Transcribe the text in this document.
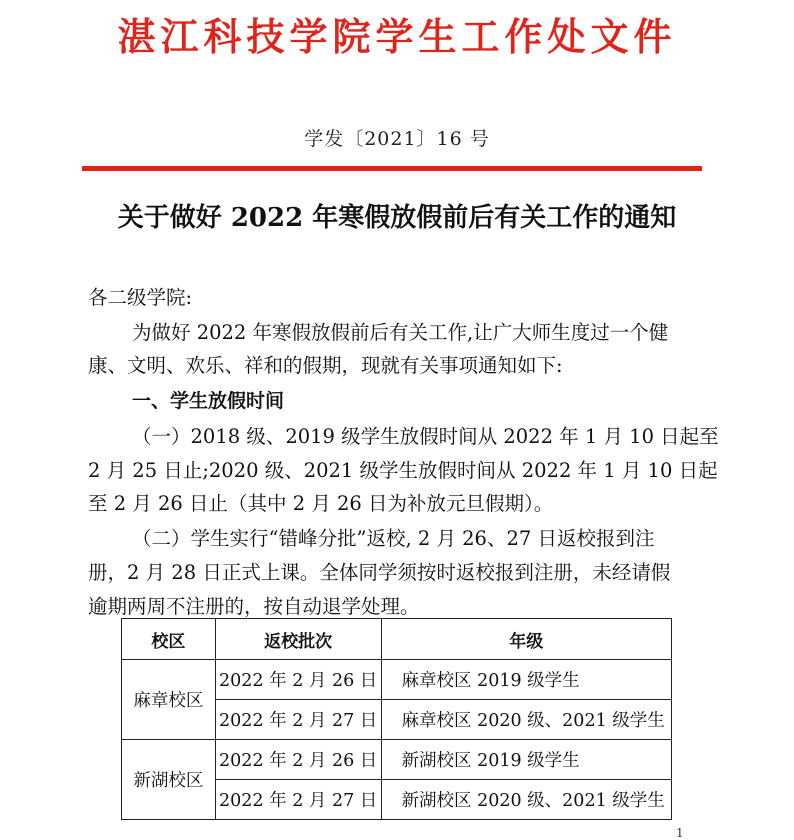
湛江科技学院学生工作处文件
学发〔2021〕16 号
关于做好 2022 年寒假放假前后有关工作的通知
各二级学院:
为做好 2022 年寒假放假前后有关工作,让广大师生度过一个健
康、文明、欢乐、祥和的假期，现就有关事项通知如下:
一、学生放假时间
（一）2018 级、2019 级学生放假时间从 2022 年 1 月 10 日起至
2 月 25 日止;2020 级、2021 级学生放假时间从 2022 年 1 月 10 日起
至 2 月 26 日止（其中 2 月 26 日为补放元旦假期）。
（二）学生实行“错峰分批”返校, 2 月 26、27 日返校报到注
册，2 月 28 日正式上课。全体同学须按时返校报到注册，未经请假
逾期两周不注册的，按自动退学处理。
校区	返校批次	年级
麻章校区	2022 年 2 月 26 日	麻章校区 2019 级学生
	2022 年 2 月 27 日	麻章校区 2020 级、2021 级学生
新湖校区	2022 年 2 月 26 日	新湖校区 2019 级学生
	2022 年 2 月 27 日	新湖校区 2020 级、2021 级学生
1
